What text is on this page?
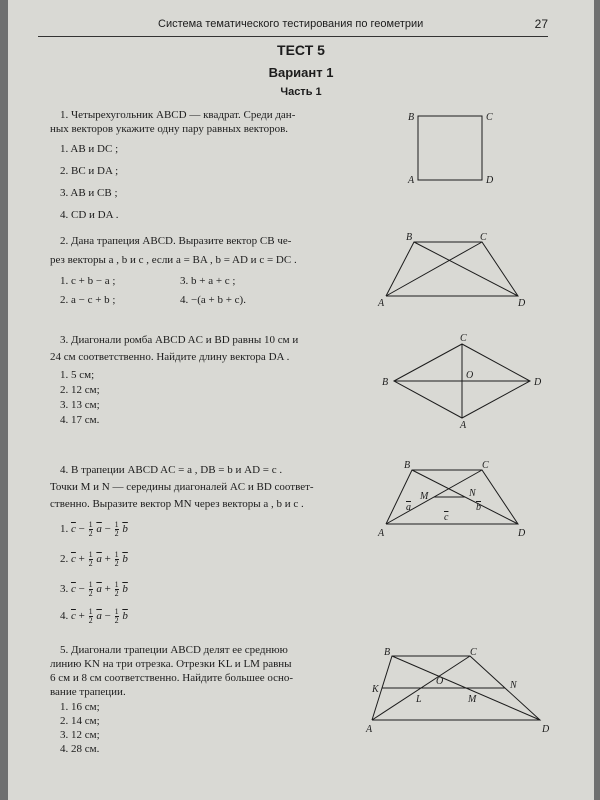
Система тематического тестирования по геометрии	27
ТЕСТ 5
Вариант 1
Часть 1
1. Четырехугольник ABCD — квадрат. Среди дан-
ных векторов укажите одну пару равных векторов.
1. AB и DC ;
2. BC и DA ;
3. AB и CB ;
4. CD и DA .
B	C
A	D
2. Дана трапеция ABCD. Выразите вектор CB че-
рез векторы a , b и c , если a = BA , b = AD и c = DC .
1. c + b − a ;	3. b + a + c ;
2. a − c + b ;	4. −(a + b + c).
B	C
A	D
3. Диагонали ромба ABCD AC и BD равны 10 см и
24 см соответственно. Найдите длину вектора DA .
1. 5 см;
2. 12 см;
3. 13 см;
4. 17 см.
C
B
O
D
A
4. В трапеции ABCD AC = a , DB = b и AD = c .
Точки M и N — середины диагоналей AC и BD соответ-
ственно. Выразите вектор MN через векторы a , b и c .
1. $\overline{c} - \frac{1}{2} \overline{a} - \frac{1}{2} \overline{b}$
2. $\overline{c} + \frac{1}{2} \overline{a} + \frac{1}{2} \overline{b}$
3. $\overline{c} - \frac{1}{2} \overline{a} + \frac{1}{2} \overline{b}$
4. $\overline{c} + \frac{1}{2} \overline{a} - \frac{1}{2} \overline{b}$
B	C
M	N
a	b
c
A	D
5. Диагонали трапеции ABCD делят ее среднюю
линию KN на три отрезка. Отрезки KL и LM равны
6 см и 8 см соответственно. Найдите большее осно-
вание трапеции.
1. 16 см;
2. 14 см;
3. 12 см;
4. 28 см.
B	C
K
O	N
L	M
A	D
